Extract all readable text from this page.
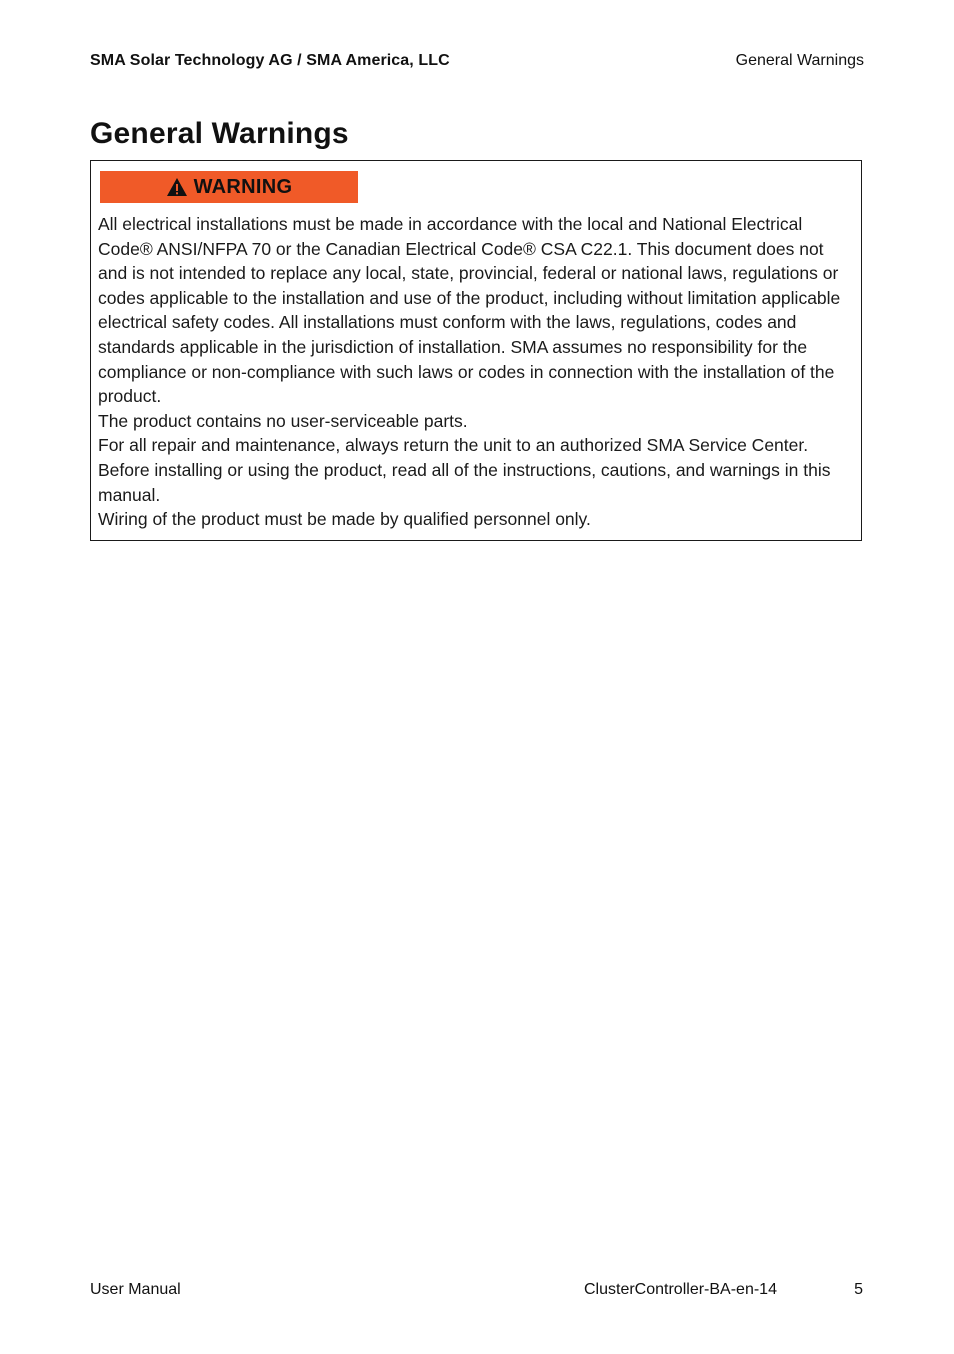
SMA Solar Technology AG / SMA America, LLC	General Warnings
General Warnings
WARNING

All electrical installations must be made in accordance with the local and National Electrical Code® ANSI/NFPA 70 or the Canadian Electrical Code® CSA C22.1. This document does not and is not intended to replace any local, state, provincial, federal or national laws, regulations or codes applicable to the installation and use of the product, including without limitation applicable electrical safety codes. All installations must conform with the laws, regulations, codes and standards applicable in the jurisdiction of installation. SMA assumes no responsibility for the compliance or non-compliance with such laws or codes in connection with the installation of the product.

The product contains no user-serviceable parts.

For all repair and maintenance, always return the unit to an authorized SMA Service Center.

Before installing or using the product, read all of the instructions, cautions, and warnings in this manual.

Wiring of the product must be made by qualified personnel only.

User Manual	ClusterController-BA-en-14	5
